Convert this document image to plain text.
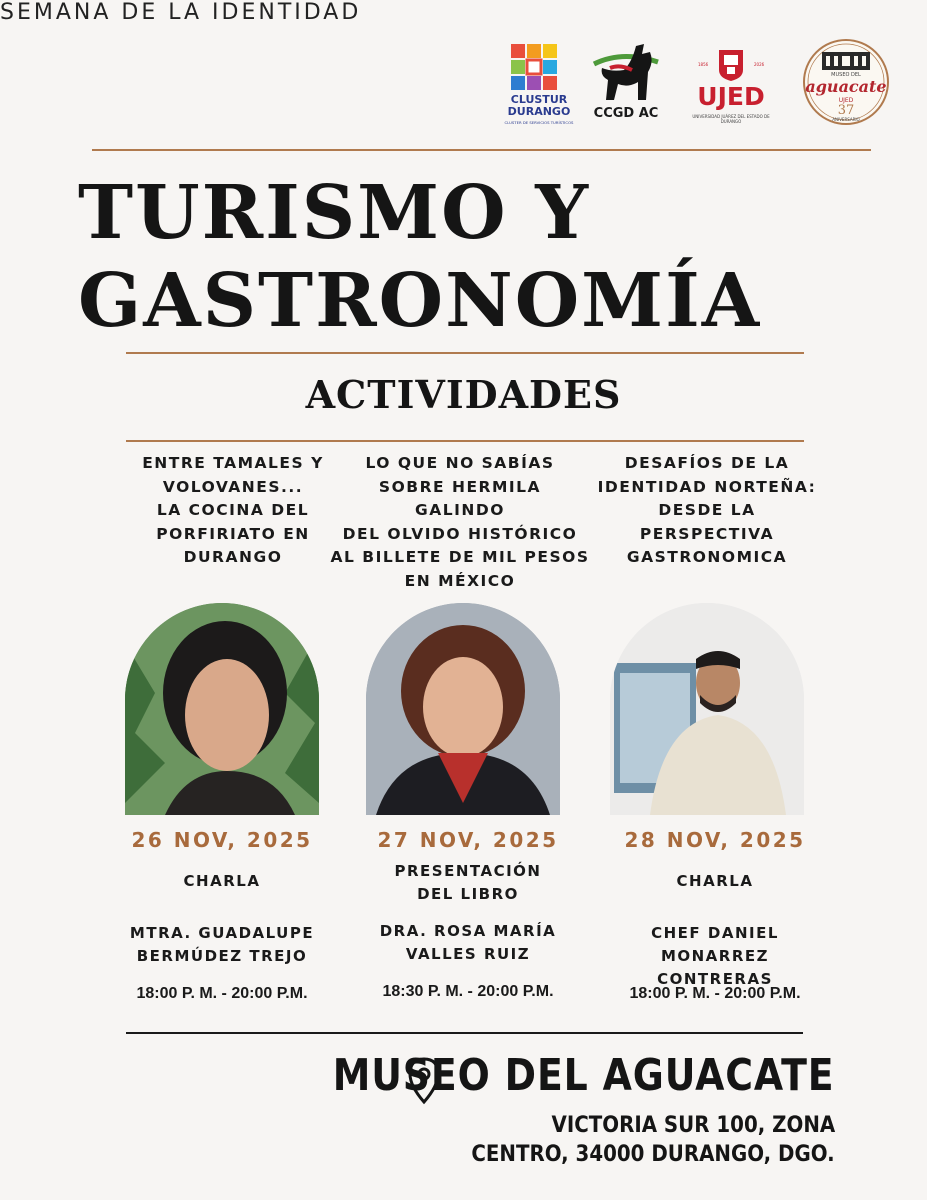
SEMANA DE LA IDENTIDAD
CLUSTUR DURANGO
CLUSTER DE SERVICIOS TURÍSTICOS
CCGD AC
1856	2026
UJED
UNIVERSIDAD JUÁREZ DEL ESTADO DE DURANGO
MUSEO DEL
aguacate
UJED
37
ANIVERSARIO
TURISMO Y
GASTRONOMÍA
ACTIVIDADES
ENTRE TAMALES Y
VOLOVANES...
LA COCINA DEL
PORFIRIATO EN
DURANGO
LO QUE NO SABÍAS
SOBRE HERMILA
GALINDO
DEL OLVIDO HISTÓRICO
AL BILLETE DE MIL PESOS
EN MÉXICO
DESAFÍOS DE LA
IDENTIDAD NORTEÑA:
DESDE LA
PERSPECTIVA
GASTRONOMICA
26 NOV, 2025
CHARLA
MTRA. GUADALUPE
BERMÚDEZ TREJO
18:00 P. M. - 20:00 P.M.
27 NOV, 2025
PRESENTACIÓN
DEL LIBRO
DRA. ROSA MARÍA
VALLES RUIZ
18:30 P. M. - 20:00 P.M.
28 NOV, 2025
CHARLA
CHEF DANIEL
MONARREZ
CONTRERAS
18:00 P. M. - 20:00 P.M.
MUSEO DEL AGUACATE
VICTORIA SUR 100, ZONA
CENTRO, 34000 DURANGO, DGO.
